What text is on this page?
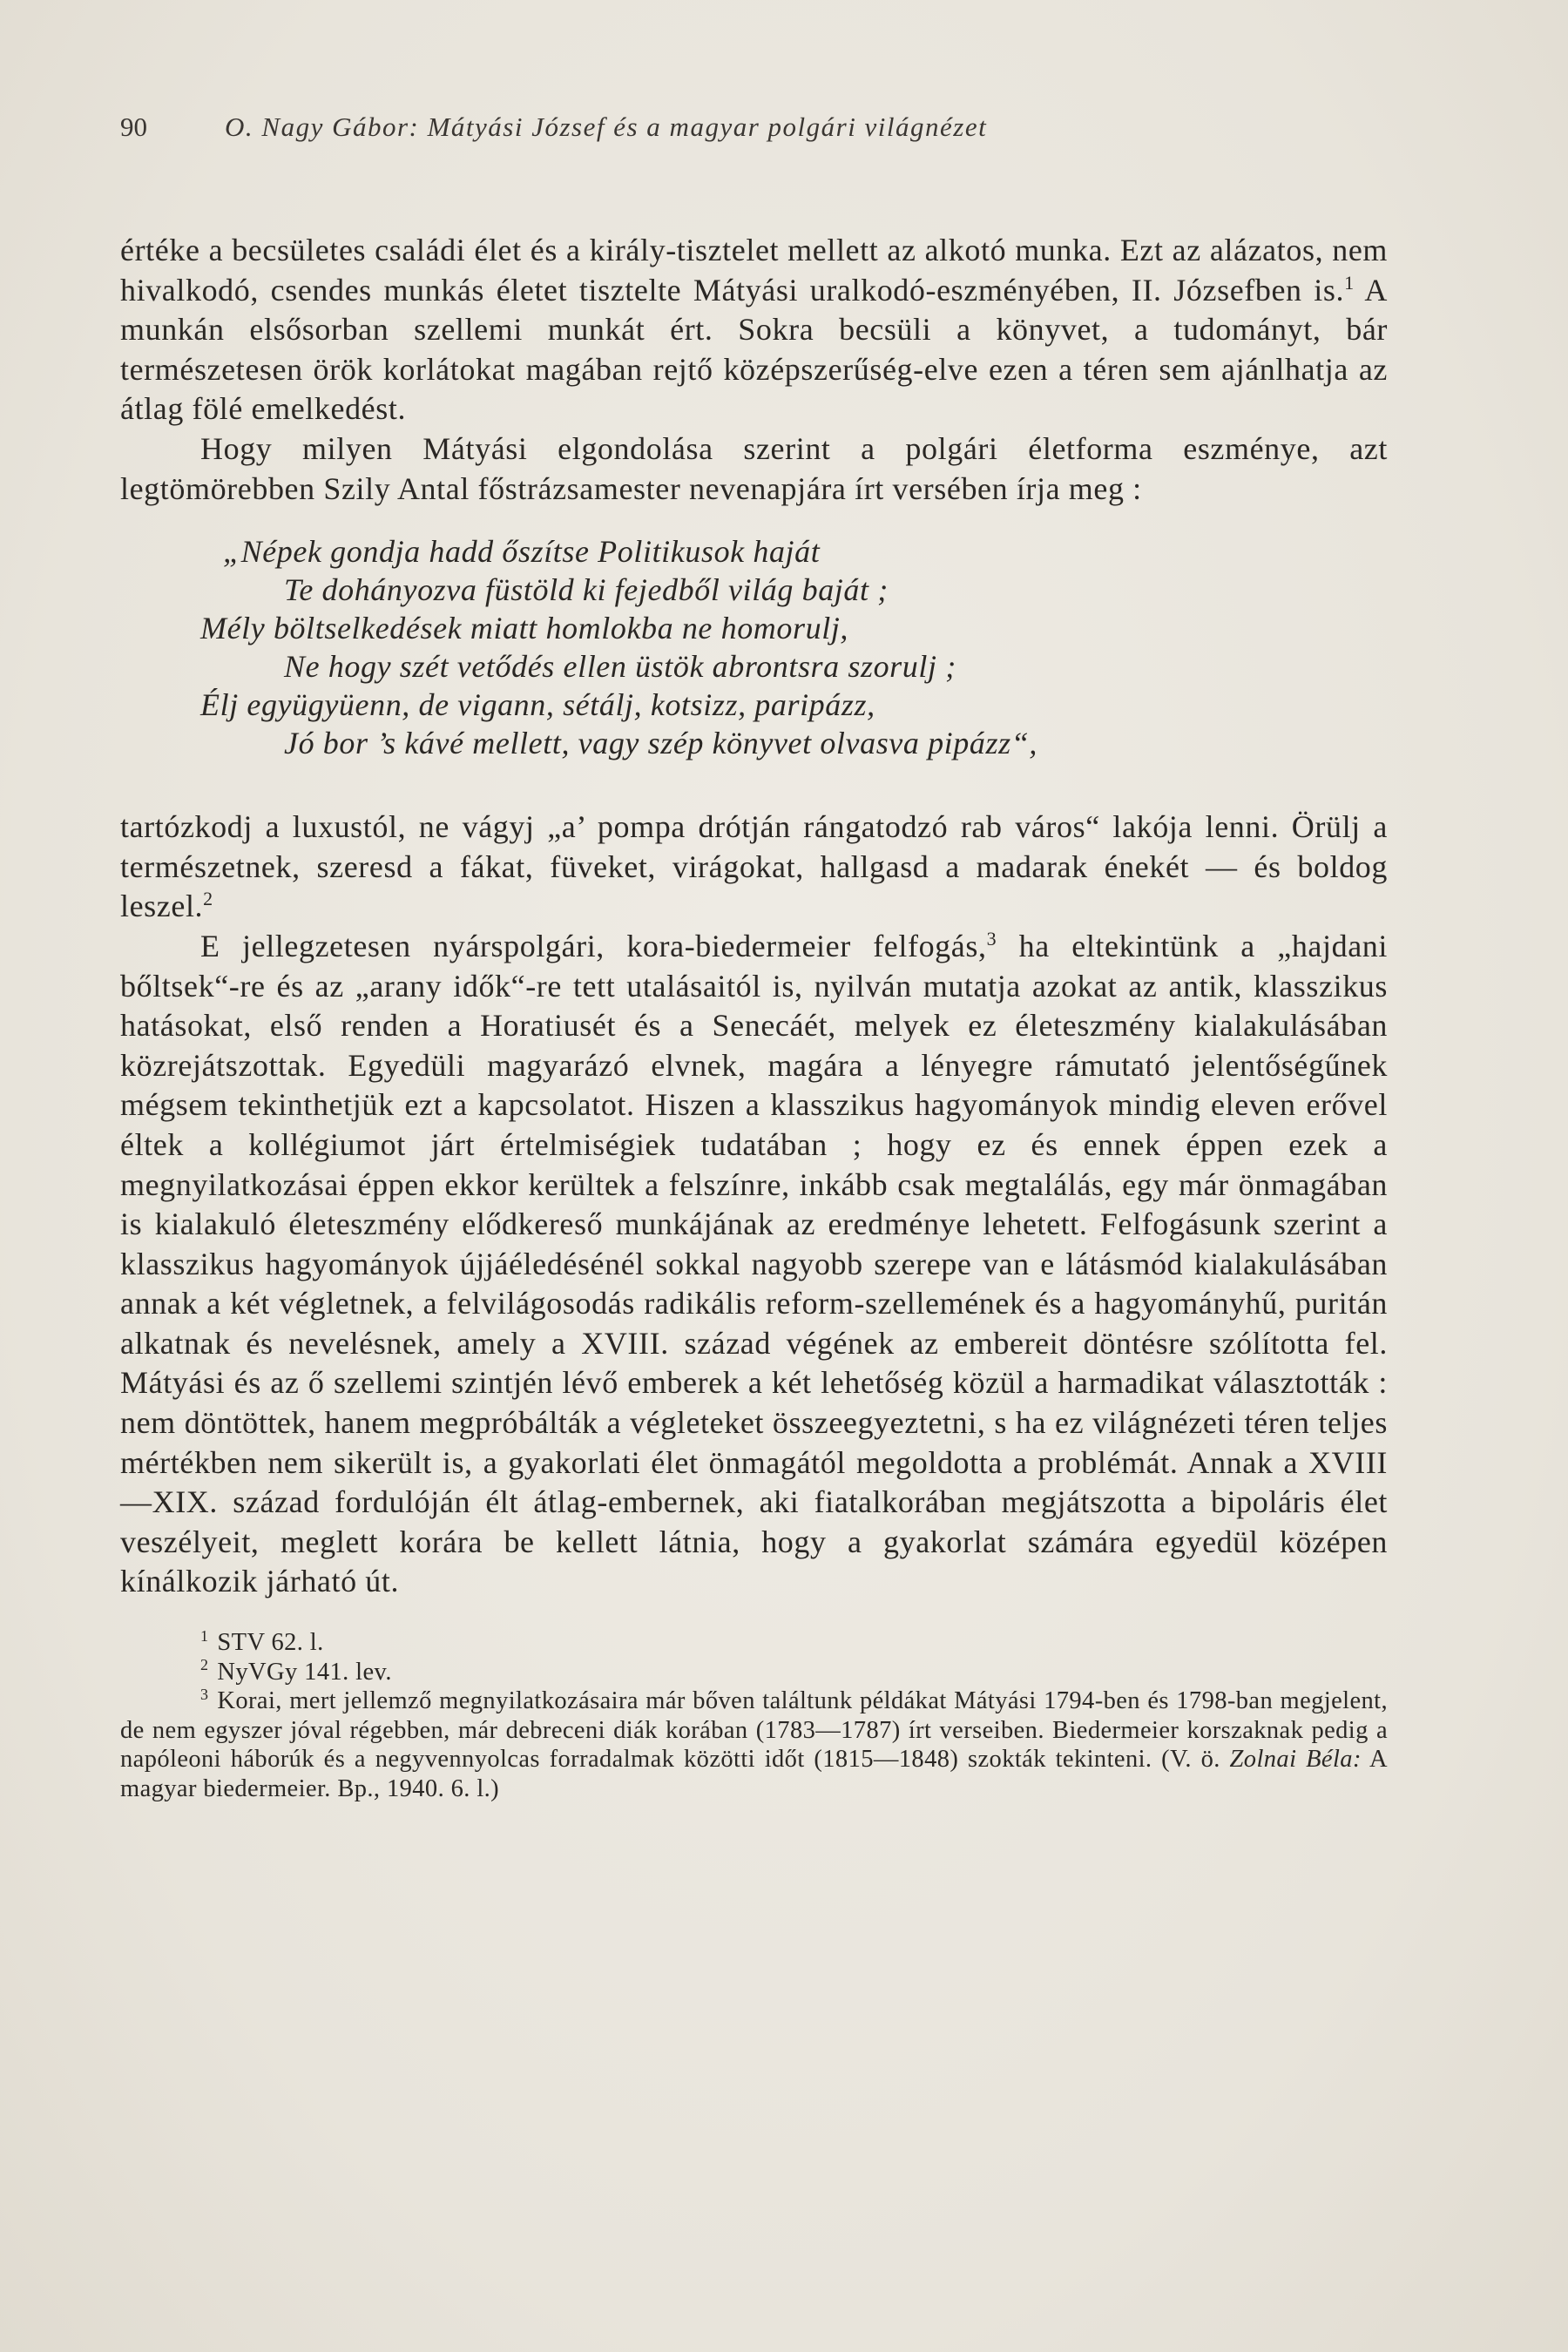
90	O. Nagy Gábor: Mátyási József és a magyar polgári világnézet

értéke a becsületes családi élet és a király-tisztelet mellett az alkotó munka. Ezt az alázatos, nem hivalkodó, csendes munkás életet tisztelte Mátyási uralkodó-eszményében, II. Józsefben is.$^1$ A munkán elsősorban szellemi munkát ért. Sokra becsüli a könyvet, a tudományt, bár természetesen örök korlátokat magában rejtő középszerűség-elve ezen a téren sem ajánlhatja az átlag fölé emelkedést.

Hogy milyen Mátyási elgondolása szerint a polgári életforma eszménye, azt legtömörebben Szily Antal főstrázsamester nevenapjára írt versében írja meg :

„Népek gondja hadd őszítse Politikusok haját
Te dohányozva füstöld ki fejedből világ baját ;
Mély böltselkedések miatt homlokba ne homorulj,
Ne hogy szét vetődés ellen üstök abrontsra szorulj ;
Élj együgyüenn, de vigann, sétálj, kotsizz, paripázz,
Jó bor ’s kávé mellett, vagy szép könyvet olvasva pipázz“,

tartózkodj a luxustól, ne vágyj „a’ pompa drótján rángatodzó rab város“ lakója lenni. Örülj a természetnek, szeresd a fákat, füveket, virágokat, hallgasd a madarak énekét — és boldog leszel.$^2$

E jellegzetesen nyárspolgári, kora-biedermeier felfogás,$^3$ ha eltekintünk a „hajdani bőltsek“-re és az „arany idők“-re tett utalásaitól is, nyilván mutatja azokat az antik, klasszikus hatásokat, első renden a Horatiusét és a Senecáét, melyek ez életeszmény kialakulásában közrejátszottak. Egyedüli magyarázó elvnek, magára a lényegre rámutató jelentőségűnek mégsem tekinthetjük ezt a kapcsolatot. Hiszen a klasszikus hagyományok mindig eleven erővel éltek a kollégiumot járt értelmiségiek tudatában ; hogy ez és ennek éppen ezek a megnyilatkozásai éppen ekkor kerültek a felszínre, inkább csak megtalálás, egy már önmagában is kialakuló életeszmény elődkereső munkájának az eredménye lehetett. Felfogásunk szerint a klasszikus hagyományok újjáéledésénél sokkal nagyobb szerepe van e látásmód kialakulásában annak a két végletnek, a felvilágosodás radikális reform-szellemének és a hagyományhű, puritán alkatnak és nevelésnek, amely a XVIII. század végének az embereit döntésre szólította fel. Mátyási és az ő szellemi szintjén lévő emberek a két lehetőség közül a harmadikat választották : nem döntöttek, hanem megpróbálták a végleteket összeegyeztetni, s ha ez világnézeti téren teljes mértékben nem sikerült is, a gyakorlati élet önmagától megoldotta a problémát. Annak a XVIII—XIX. század fordulóján élt átlag-embernek, aki fiatalkorában megjátszotta a bipoláris élet veszélyeit, meglett korára be kellett látnia, hogy a gyakorlat számára egyedül középen kínálkozik járható út.

$^1$ STV 62. l.

$^2$ NyVGy 141. lev.

$^3$ Korai, mert jellemző megnyilatkozásaira már bőven találtunk példákat Mátyási 1794-ben és 1798-ban megjelent, de nem egyszer jóval régebben, már debreceni diák korában (1783—1787) írt verseiben. Biedermeier korszaknak pedig a napóleoni háborúk és a negyvennyolcas forradalmak közötti időt (1815—1848) szokták tekinteni. (V. ö. Zolnai Béla: A magyar biedermeier. Bp., 1940. 6. l.)
